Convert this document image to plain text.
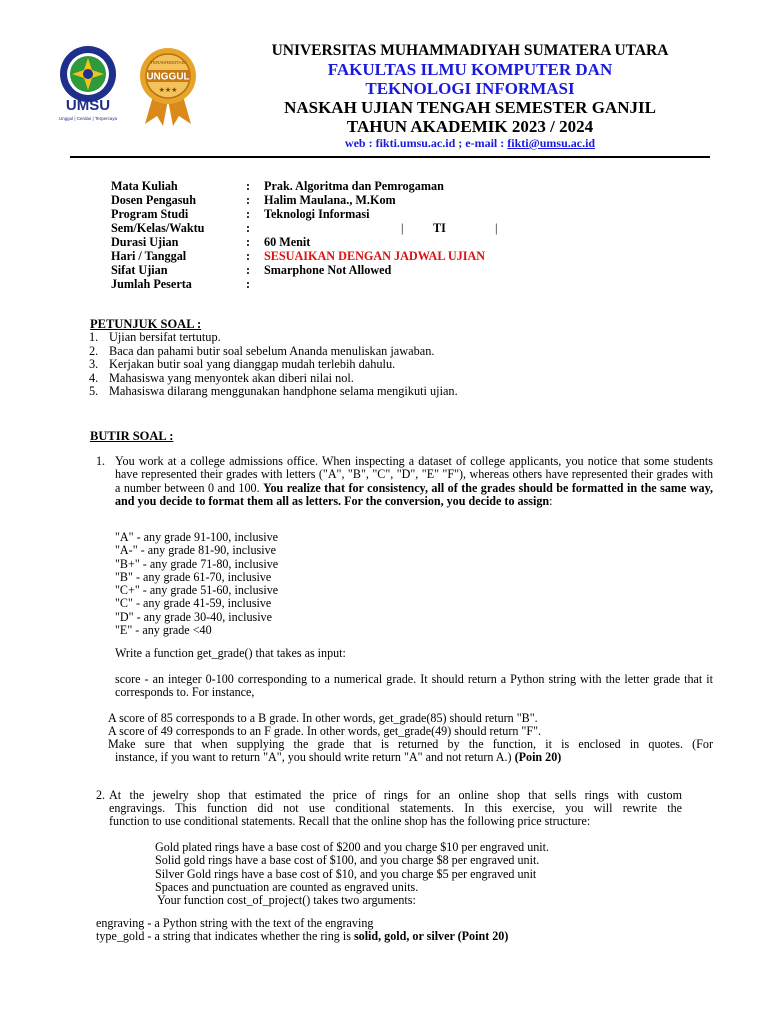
UMSU
Unggul | Cerdas | Terpercaya
TERAKREDITASI
UNGGUL
★★★
UNIVERSITAS MUHAMMADIYAH SUMATERA UTARA
FAKULTAS ILMU KOMPUTER DAN
TEKNOLOGI INFORMASI
NASKAH UJIAN TENGAH SEMESTER GANJIL
TAHUN AKADEMIK 2023 / 2024
web : fikti.umsu.ac.id ; e-mail : fikti@umsu.ac.id
Mata Kuliah	: Prak. Algoritma dan Pemrogaman
Dosen Pengasuh	: Halim Maulana., M.Kom
Program Studi	: Teknologi Informasi
Sem/Kelas/Waktu	:	| TI	|
Durasi Ujian	: 60 Menit
Hari / Tanggal	: SESUAIKAN DENGAN JADWAL UJIAN
Sifat Ujian	: Smarphone Not Allowed
Jumlah Peserta	:
PETUNJUK SOAL :
1. Ujian bersifat tertutup.
2. Baca dan pahami butir soal sebelum Ananda menuliskan jawaban.
3. Kerjakan butir soal yang dianggap mudah terlebih dahulu.
4. Mahasiswa yang menyontek akan diberi nilai nol.
5. Mahasiswa dilarang menggunakan handphone selama mengikuti ujian.
BUTIR SOAL :
1. You work at a college admissions office. When inspecting a dataset of college applicants, you notice that some students have represented their grades with letters ("A", "B", "C", "D", "E" "F"), whereas others have represented their grades with a number between 0 and 100. You realize that for consistency, all of the grades should be formatted in the same way, and you decide to format them all as letters. For the conversion, you decide to assign:
"A" - any grade 91-100, inclusive
"A-" - any grade 81-90, inclusive
"B+" - any grade 71-80, inclusive
"B" - any grade 61-70, inclusive
"C+" - any grade 51-60, inclusive
"C" - any grade 41-59, inclusive
"D" - any grade 30-40, inclusive
"E" - any grade <40
Write a function get_grade() that takes as input:
score - an integer 0-100 corresponding to a numerical grade. It should return a Python string with the letter grade that it corresponds to. For instance,
A score of 85 corresponds to a B grade. In other words, get_grade(85) should return "B".
A score of 49 corresponds to an F grade. In other words, get_grade(49) should return "F".
Make sure that when supplying the grade that is returned by the function, it is enclosed in quotes. (For
instance, if you want to return "A", you should write return "A" and not return A.) (Poin 20)
2. At the jewelry shop that estimated the price of rings for an online shop that sells rings with custom
engravings. This function did not use conditional statements. In this exercise, you will rewrite the
function to use conditional statements. Recall that the online shop has the following price structure:
Gold plated rings have a base cost of $200 and you charge $10 per engraved unit.
Solid gold rings have a base cost of $100, and you charge $8 per engraved unit.
Silver Gold rings have a base cost of $10, and you charge $5 per engraved unit
Spaces and punctuation are counted as engraved units.
Your function cost_of_project() takes two arguments:
engraving - a Python string with the text of the engraving
type_gold - a string that indicates whether the ring is solid, gold, or silver (Point 20)
